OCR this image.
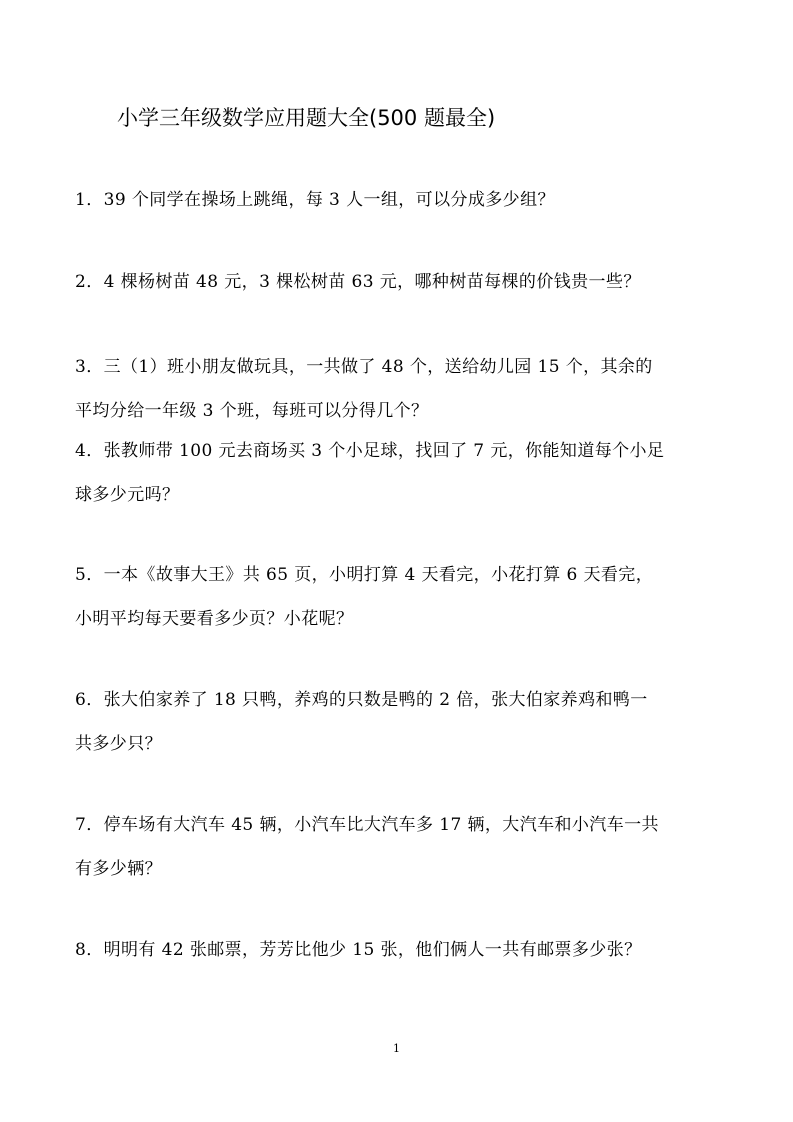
小学三年级数学应用题大全(500 题最全)
1．39 个同学在操场上跳绳，每 3 人一组，可以分成多少组？
2．4 棵杨树苗 48 元，3 棵松树苗 63 元，哪种树苗每棵的价钱贵一些？
3．三（1）班小朋友做玩具，一共做了 48 个，送给幼儿园 15 个，其余的
平均分给一年级 3 个班，每班可以分得几个？
4．张教师带 100 元去商场买 3 个小足球，找回了 7 元，你能知道每个小足
球多少元吗？
5．一本《故事大王》共 65 页，小明打算 4 天看完，小花打算 6 天看完，
小明平均每天要看多少页？小花呢？
6．张大伯家养了 18 只鸭，养鸡的只数是鸭的 2 倍，张大伯家养鸡和鸭一
共多少只？
7．停车场有大汽车 45 辆，小汽车比大汽车多 17 辆，大汽车和小汽车一共
有多少辆？
8．明明有 42 张邮票，芳芳比他少 15 张，他们俩人一共有邮票多少张？
1
